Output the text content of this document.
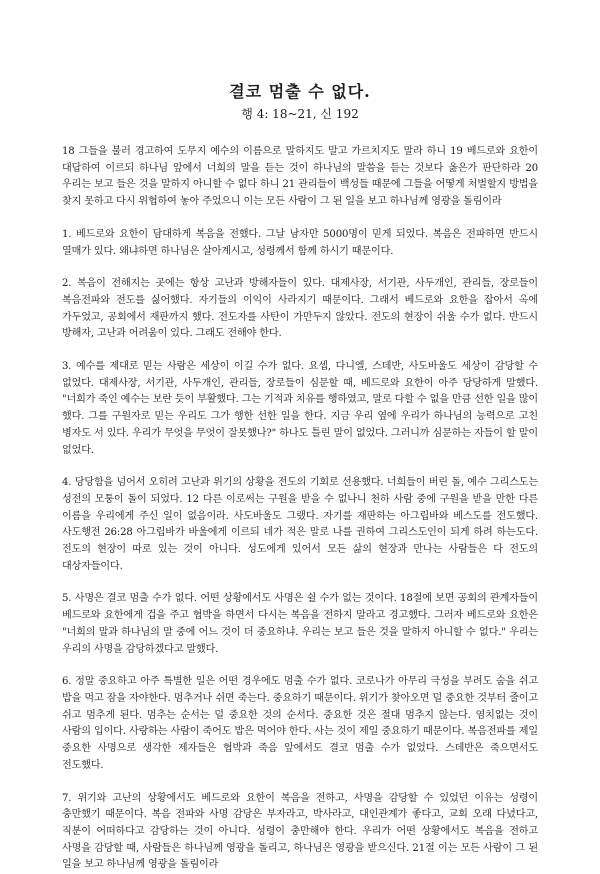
결코 멈출 수 없다.
행 4: 18~21, 신 192

18 그들을 불러 경고하여 도무지 예수의 이름으로 말하지도 말고 가르치지도 말라 하니 19 베드로와 요한이 대답하여 이르되 하나님 앞에서 너희의 말을 듣는 것이 하나님의 말씀을 듣는 것보다 옳은가 판단하라 20 우리는 보고 들은 것을 말하지 아니할 수 없다 하니 21 관리들이 백성들 때문에 그들을 어떻게 처벌할지 방법을 찾지 못하고 다시 위협하여 놓아 주었으니 이는 모든 사람이 그 된 일을 보고 하나님께 영광을 돌림이라

1. 베드로와 요한이 담대하게 복음을 전했다. 그날 남자만 5000명이 믿게 되었다. 복음은 전파하면 반드시 열매가 있다. 왜냐하면 하나님은 살아계시고, 성령께서 함께 하시기 때문이다.

2. 복음이 전해지는 곳에는 항상 고난과 방해자들이 있다. 대제사장, 서기관, 사두개인, 관리들, 장로들이 복음전파와 전도를 싫어했다. 자기들의 이익이 사라지기 때문이다. 그래서 베드로와 요한을 잡아서 옥에 가두었고, 공회에서 재판까지 했다. 전도자를 사탄이 가만두지 않았다. 전도의 현장이 쉬울 수가 없다. 반드시 방해자, 고난과 어려움이 있다. 그래도 전해야 한다.

3. 예수를 제대로 믿는 사람은 세상이 이길 수가 없다. 요셉, 다니엘, 스데반, 사도바울도 세상이 감당할 수 없었다. 대제사장, 서기관, 사두개인, 관리들, 장로들이 심문할 때, 베드로와 요한이 아주 당당하게 말했다. "너희가 죽인 예수는 보란 듯이 부활했다. 그는 기적과 치유를 행하였고, 말로 다할 수 없을 만큼 선한 일을 많이 했다. 그를 구원자로 믿는 우리도 그가 행한 선한 일을 한다. 지금 우리 옆에 우리가 하나님의 능력으로 고친 병자도 서 있다. 우리가 무엇을 무엇이 잘못했나?" 하나도 틀린 말이 없었다. 그러니까 심문하는 자들이 할 말이 없었다.

4. 당당함을 넘어서 오히려 고난과 위기의 상황을 전도의 기회로 선용했다. 너희들이 버린 돌, 예수 그리스도는 성전의 모퉁이 돌이 되었다. 12 다른 이로써는 구원을 받을 수 없나니 천하 사람 중에 구원을 받을 만한 다른 이름을 우리에게 주신 일이 없음이라. 사도바울도 그랬다. 자기를 재판하는 아그립바와 베스도를 전도했다. 사도행전 26:28 아그립바가 바울에게 이르되 네가 적은 말로 나를 권하여 그리스도인이 되게 하려 하는도다. 전도의 현장이 따로 있는 것이 아니다. 성도에게 있어서 모든 삶의 현장과 만나는 사람들은 다 전도의 대상자들이다.

5. 사명은 결코 멈출 수가 없다. 어떤 상황에서도 사명은 쉴 수가 없는 것이다. 18절에 보면 공회의 관계자들이 베드로와 요한에게 겁을 주고 협박을 하면서 다시는 복음을 전하지 말라고 경고했다. 그러자 베드로와 요한은 "너희의 말과 하나님의 말 중에 어느 것이 더 중요하냐. 우리는 보고 들은 것을 말하지 아니할 수 없다." 우리는 우리의 사명을 감당하겠다고 말했다.

6. 정말 중요하고 아주 특별한 일은 어떤 경우에도 멈출 수가 없다. 코로나가 아무리 극성을 부려도 숨을 쉬고 밥을 먹고 잠을 자야한다. 멈추거나 쉬면 죽는다. 중요하기 때문이다. 위기가 찾아오면 덜 중요한 것부터 줄이고 쉬고 멈추게 된다. 멈추는 순서는 덜 중요한 것의 순서다. 중요한 것은 절대 멈추지 않는다. 염치없는 것이 사람의 입이다. 사랑하는 사람이 죽어도 밥은 먹어야 한다. 사는 것이 제일 중요하기 때문이다. 복음전파를 제일 중요한 사명으로 생각한 제자들은 협박과 죽음 앞에서도 결코 멈출 수가 없었다. 스데반은 죽으면서도 전도했다.

7. 위기와 고난의 상황에서도 베드로와 요한이 복음을 전하고, 사명을 감당할 수 있었던 이유는 성령이 충만했기 때문이다. 복음 전파와 사명 감당은 부자라고, 박사라고, 대인관계가 좋다고, 교회 오래 다녔다고, 직분이 어떠하다고 감당하는 것이 아니다. 성령이 충만해야 한다. 우리가 어떤 상황에서도 복음을 전하고 사명을 감당할 때, 사람들은 하나님께 영광을 돌리고, 하나님은 영광을 받으신다. 21절 이는 모든 사람이 그 된 일을 보고 하나님께 영광을 돌림이라
